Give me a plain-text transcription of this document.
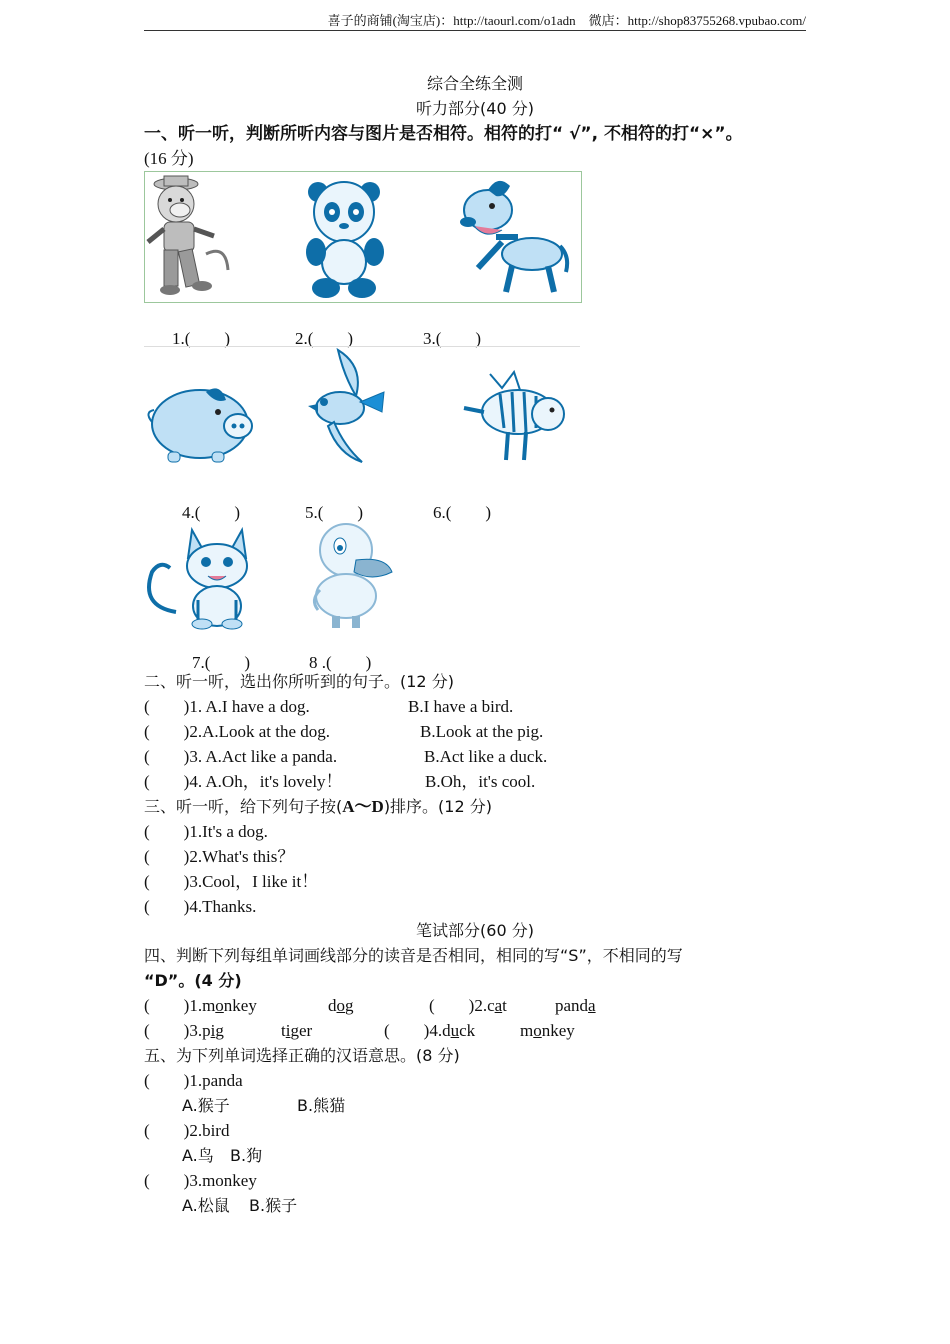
喜子的商铺(淘宝店)：http://taourl.com/o1adn　微店：http://shop83755268.vpubao.com/
综合全练全测
听力部分(40 分)
一、听一听，判断所听内容与图片是否相符。相符的打“ √”, 不相符的打“×”。
(16 分)
1.(　　)	2.(　　)	3.(　　)
4.(　　)	5.(　　)	6.(　　)
7.(　　)	8 .(　　)
二、听一听，选出你所听到的句子。(12 分)
(　　)1. A.I have a dog.	B.I have a bird.
(　　)2.A.Look at the dog.	B.Look at the pig.
(　　)3. A.Act like a panda.	B.Act like a duck.
(　　)4. A.Oh，it's lovely！	B.Oh，it's cool.
三、听一听，给下列句子按(A～D)排序。(12 分)
(　　)1.It's a dog.
(　　)2.What's this？
(　　)3.Cool，I like it！
(　　)4.Thanks.
笔试部分(60 分)
四、判断下列每组单词画线部分的读音是否相同，相同的写“S”，不相同的写
“D”。(4 分)
(　　)1.monkey	dog	(　　)2.cat	panda
(　　)3.pig	tiger	(　　)4.duck	monkey
五、为下列单词选择正确的汉语意思。(8 分)
(　　)1.panda
A.猴子	B.熊猫
(　　)2.bird
A.鸟 B.狗
(　　)3.monkey
A.松鼠 B.猴子
